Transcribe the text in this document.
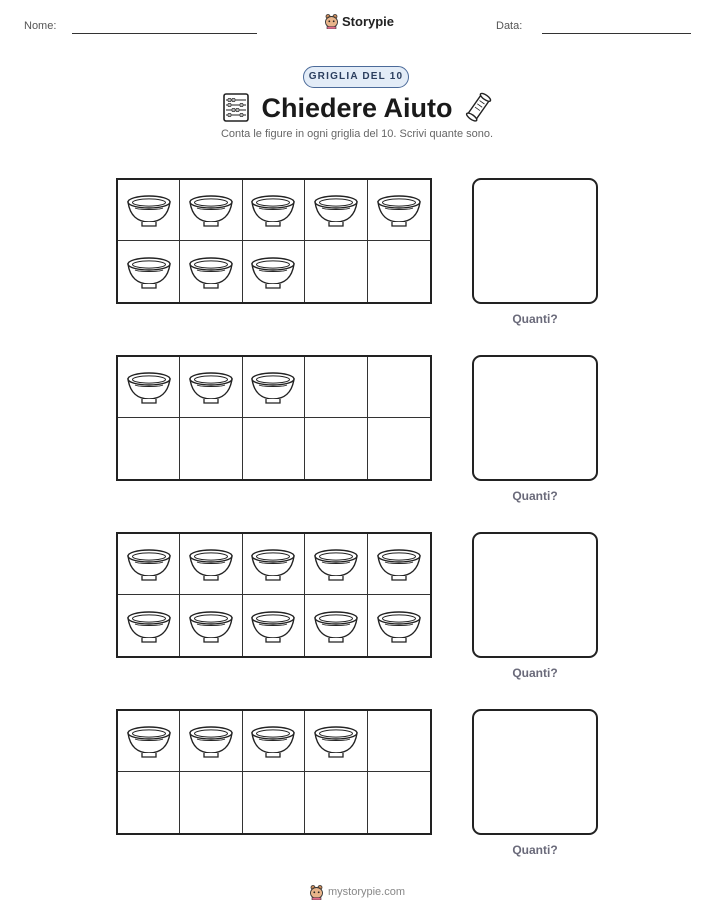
Nome:	Storypie	Data:
GRIGLIA DEL 10
Chiedere Aiuto
Conta le figure in ogni griglia del 10. Scrivi quante sono.
Quanti?
Quanti?
Quanti?
Quanti?
mystorypie.com
